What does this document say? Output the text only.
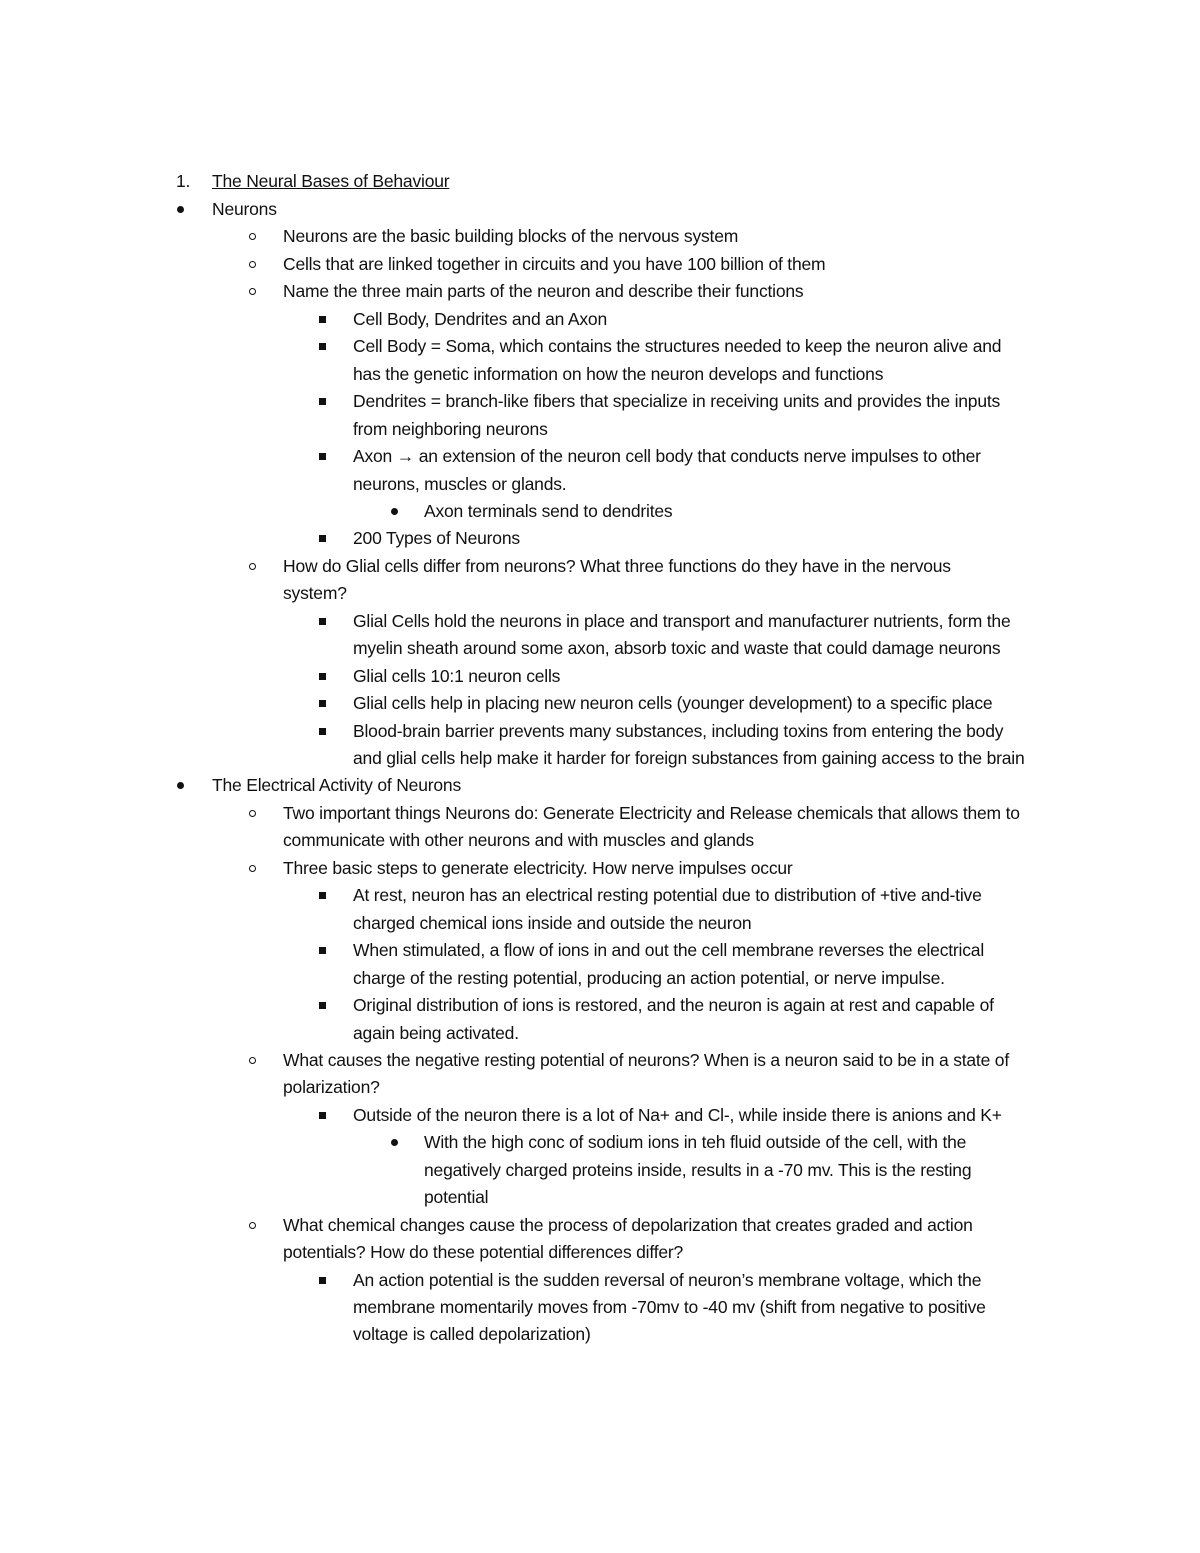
1. The Neural Bases of Behaviour
Neurons
Neurons are the basic building blocks of the nervous system
Cells that are linked together in circuits and you have 100 billion of them
Name the three main parts of the neuron and describe their functions
Cell Body, Dendrites and an Axon
Cell Body = Soma, which contains the structures needed to keep the neuron alive and
has the genetic information on how the neuron develops and functions
Dendrites = branch-like fibers that specialize in receiving units and provides the inputs
from neighboring neurons
Axon → an extension of the neuron cell body that conducts nerve impulses to other
neurons, muscles or glands.
Axon terminals send to dendrites
200 Types of Neurons
How do Glial cells differ from neurons? What three functions do they have in the nervous
system?
Glial Cells hold the neurons in place and transport and manufacturer nutrients, form the
myelin sheath around some axon, absorb toxic and waste that could damage neurons
Glial cells 10:1 neuron cells
Glial cells help in placing new neuron cells (younger development) to a specific place
Blood-brain barrier prevents many substances, including toxins from entering the body
and glial cells help make it harder for foreign substances from gaining access to the brain
The Electrical Activity of Neurons
Two important things Neurons do: Generate Electricity and Release chemicals that allows them to
communicate with other neurons and with muscles and glands
Three basic steps to generate electricity. How nerve impulses occur
At rest, neuron has an electrical resting potential due to distribution of +tive and-tive
charged chemical ions inside and outside the neuron
When stimulated, a flow of ions in and out the cell membrane reverses the electrical
charge of the resting potential, producing an action potential, or nerve impulse.
Original distribution of ions is restored, and the neuron is again at rest and capable of
again being activated.
What causes the negative resting potential of neurons? When is a neuron said to be in a state of
polarization?
Outside of the neuron there is a lot of Na+ and Cl-, while inside there is anions and K+
With the high conc of sodium ions in teh fluid outside of the cell, with the
negatively charged proteins inside, results in a -70 mv. This is the resting
potential
What chemical changes cause the process of depolarization that creates graded and action
potentials? How do these potential differences differ?
An action potential is the sudden reversal of neuron’s membrane voltage, which the
membrane momentarily moves from -70mv to -40 mv (shift from negative to positive
voltage is called depolarization)
